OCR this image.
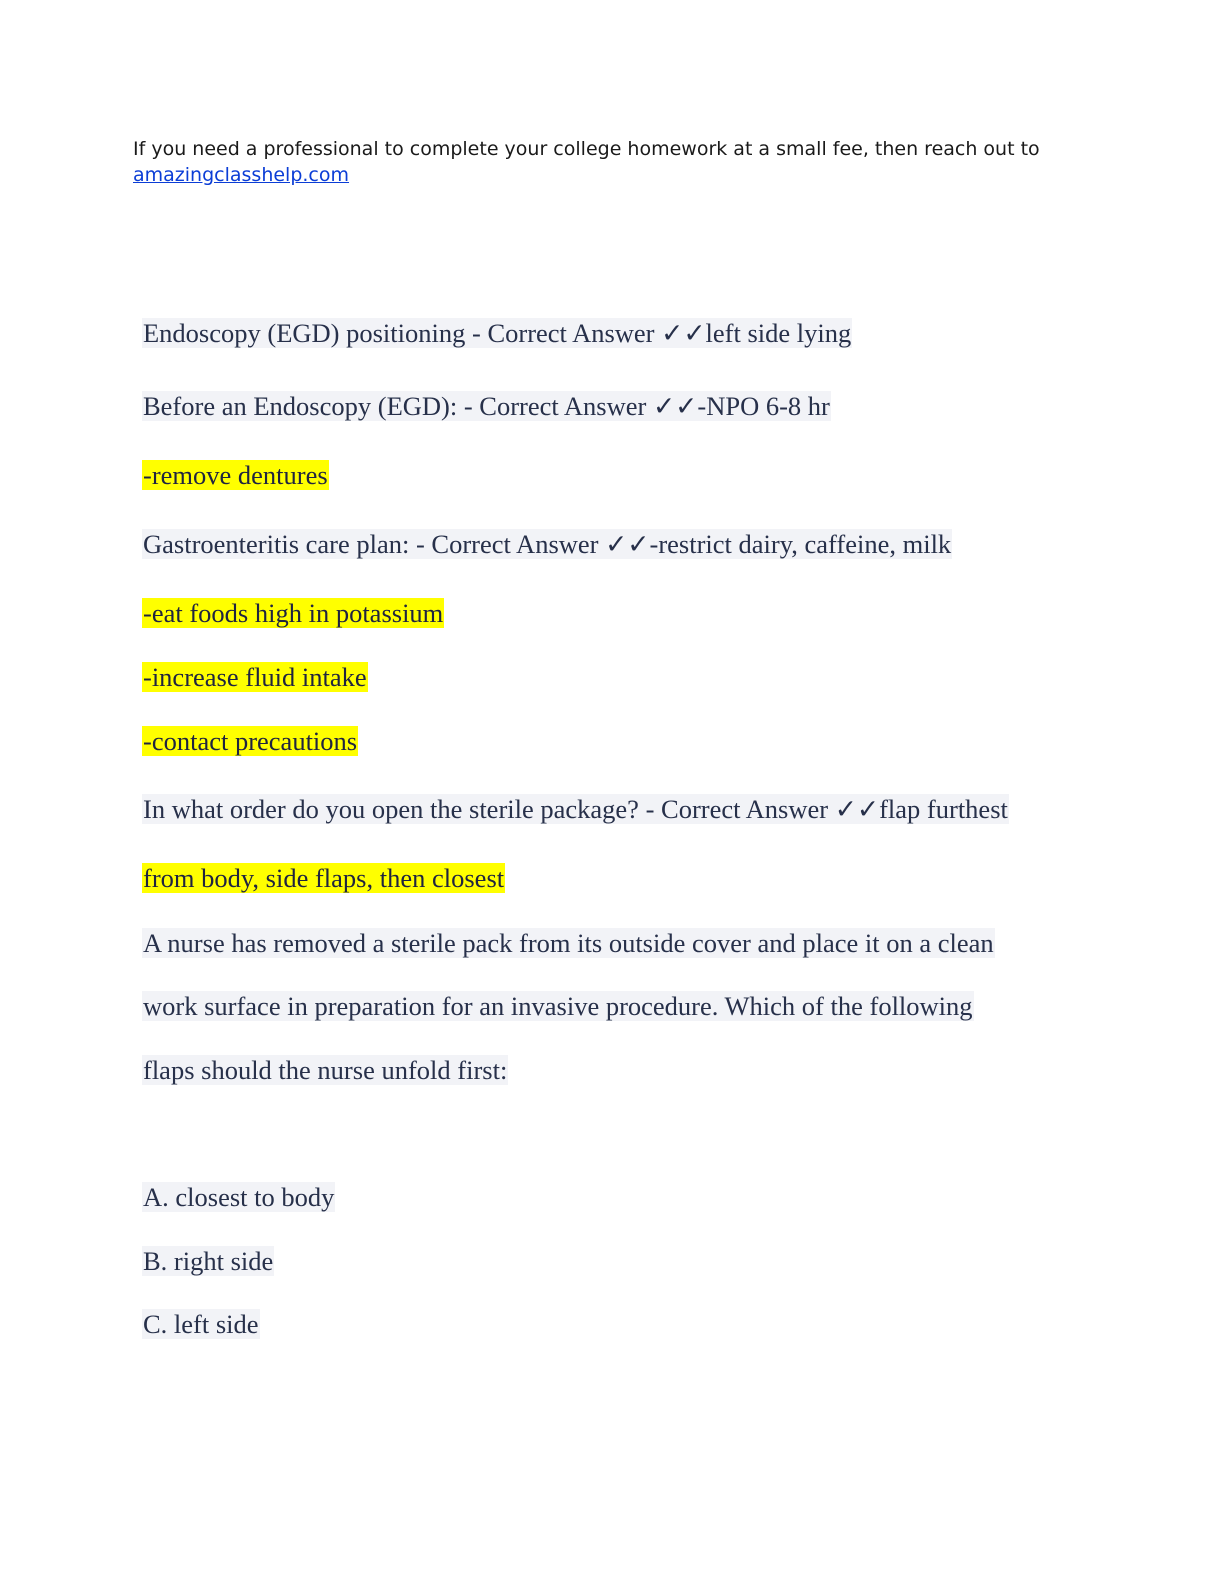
If you need a professional to complete your college homework at a small fee, then reach out to
amazingclasshelp.com
Endoscopy (EGD) positioning - Correct Answer ✓✓left side lying
Before an Endoscopy (EGD): - Correct Answer ✓✓-NPO 6-8 hr
-remove dentures
Gastroenteritis care plan: - Correct Answer ✓✓-restrict dairy, caffeine, milk
-eat foods high in potassium
-increase fluid intake
-contact precautions
In what order do you open the sterile package? - Correct Answer ✓✓flap furthest
from body, side flaps, then closest
A nurse has removed a sterile pack from its outside cover and place it on a clean
work surface in preparation for an invasive procedure. Which of the following
flaps should the nurse unfold first:
A. closest to body
B. right side
C. left side
